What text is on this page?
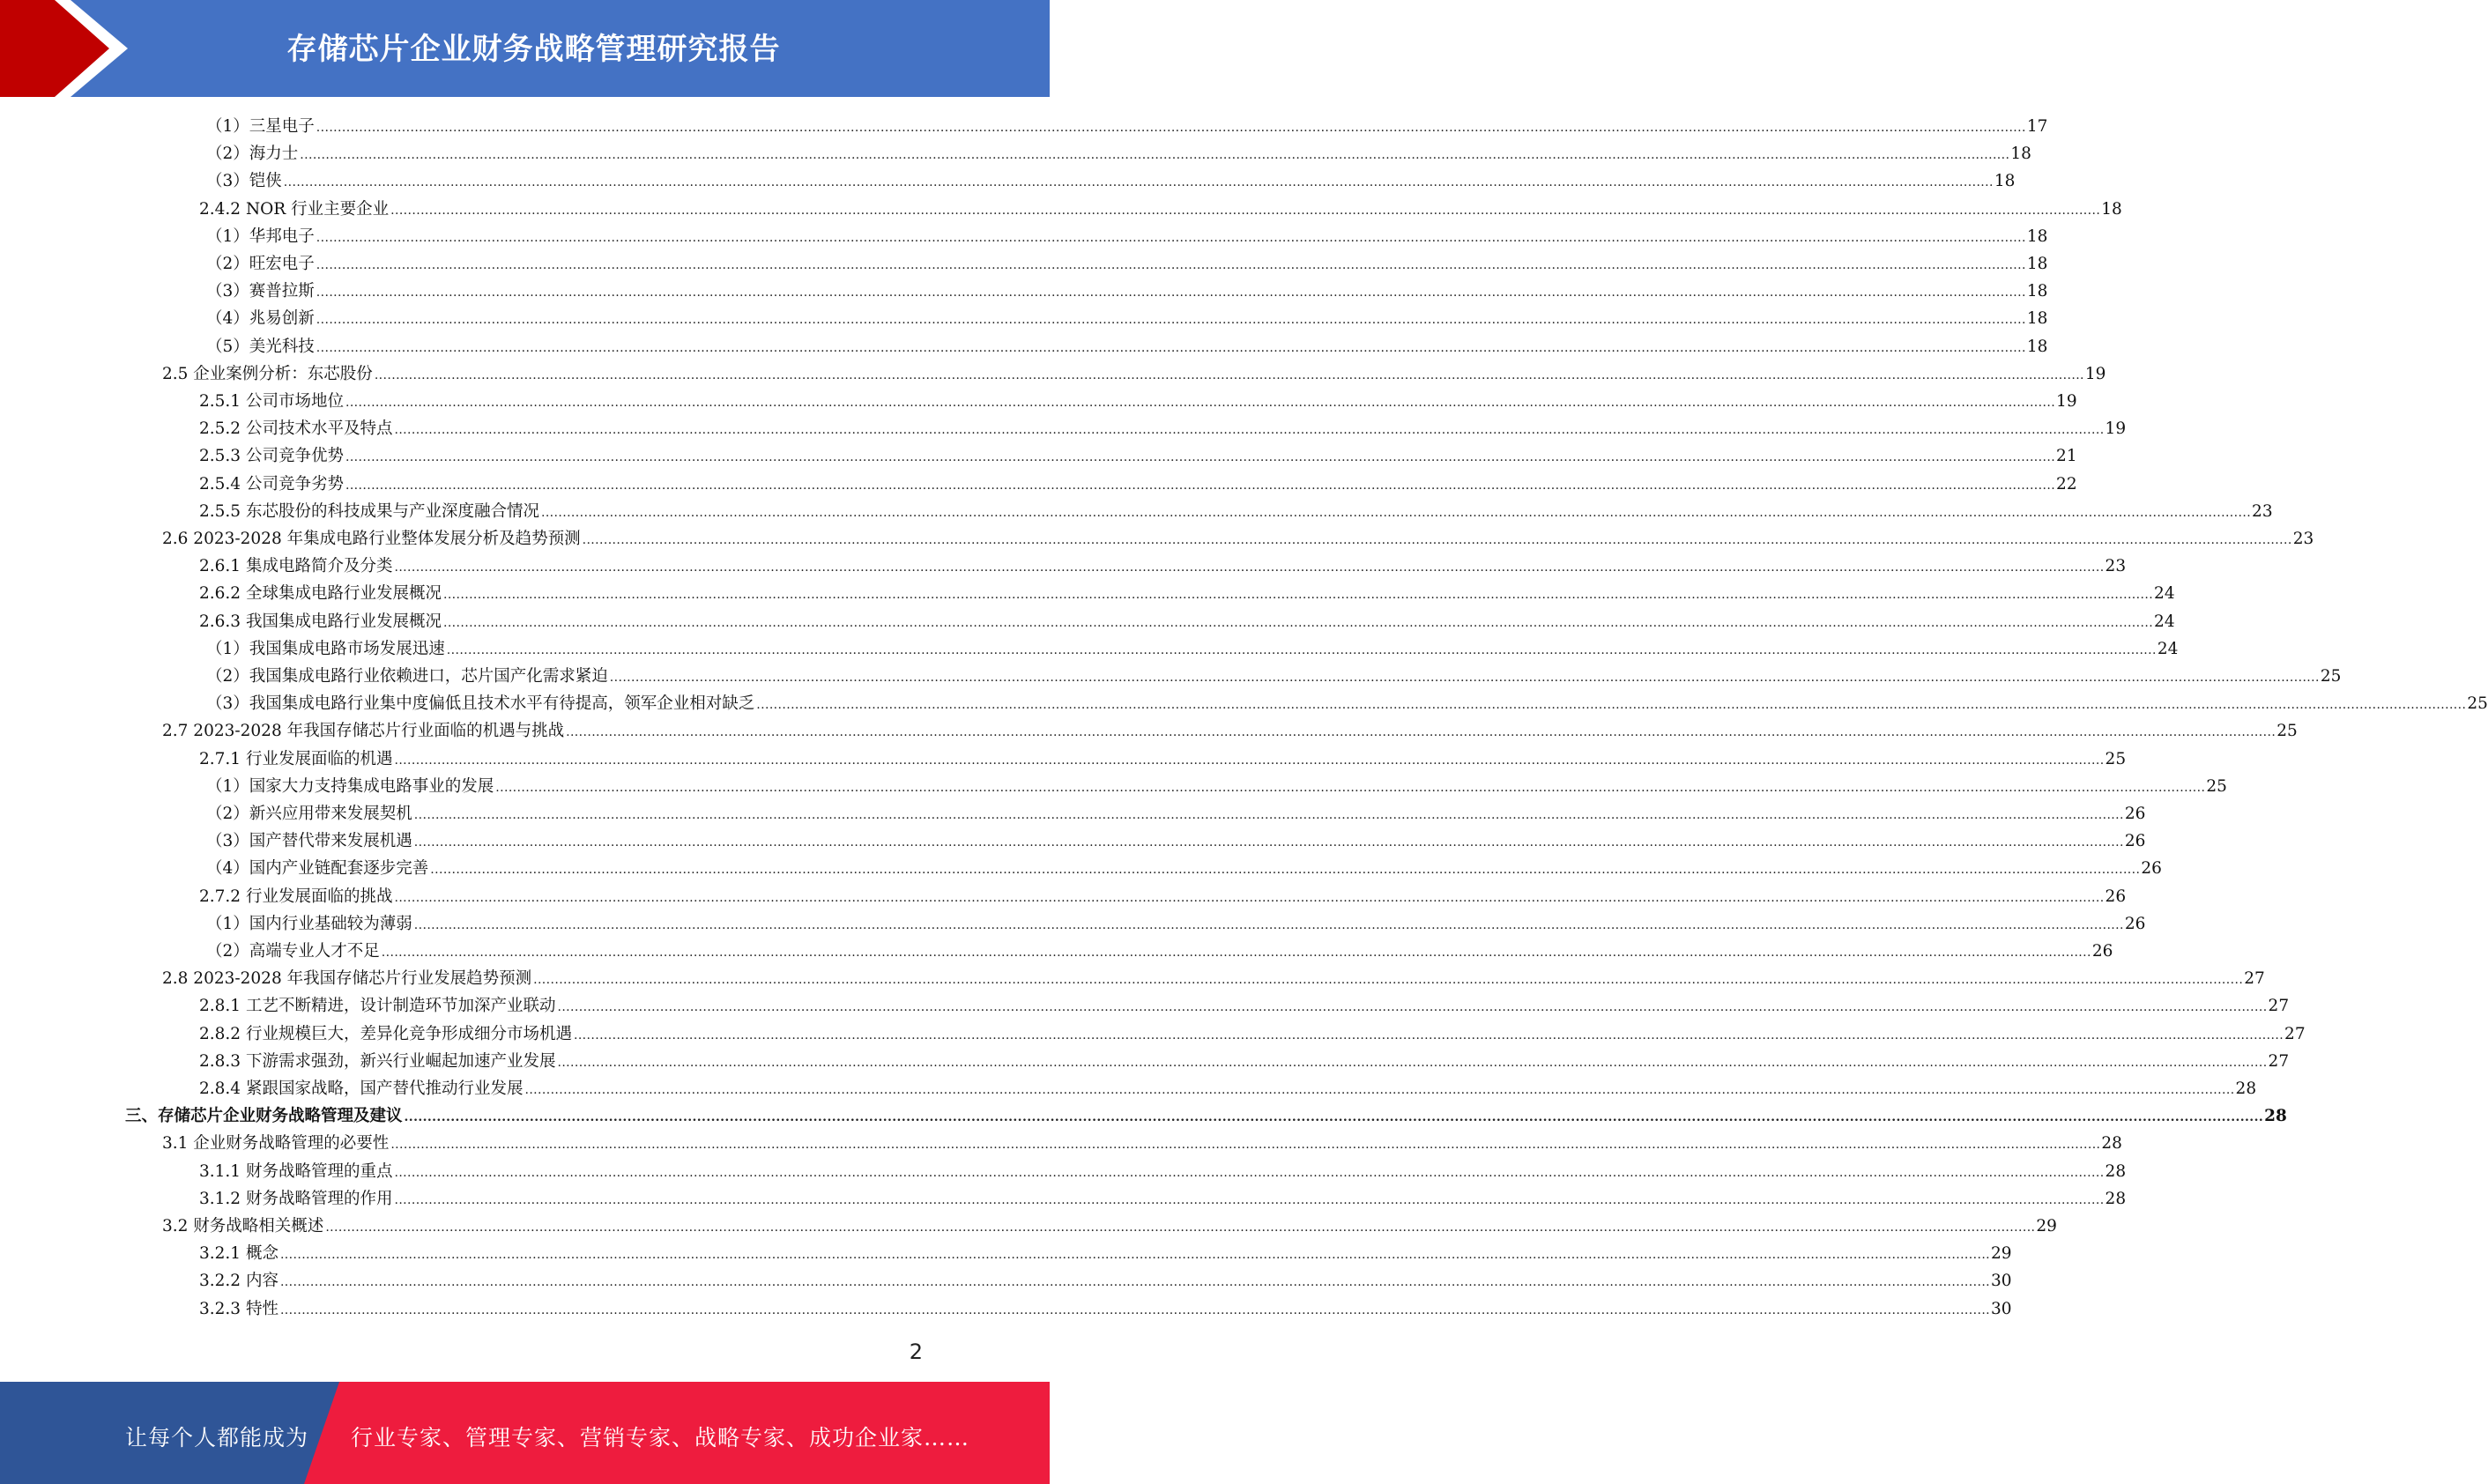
存储芯片企业财务战略管理研究报告
（1）三星电子 ................................................................................................................................................................................................................................................................................................................................................................................................................ 17
（2）海力士 ................................................................................................................................................................................................................................................................................................................................................................................................................ 18
（3）铠侠 ................................................................................................................................................................................................................................................................................................................................................................................................................ 18
2.4.2 NOR 行业主要企业 ................................................................................................................................................................................................................................................................................................................................................................................................................ 18
（1）华邦电子 ................................................................................................................................................................................................................................................................................................................................................................................................................ 18
（2）旺宏电子 ................................................................................................................................................................................................................................................................................................................................................................................................................ 18
（3）赛普拉斯 ................................................................................................................................................................................................................................................................................................................................................................................................................ 18
（4）兆易创新 ................................................................................................................................................................................................................................................................................................................................................................................................................ 18
（5）美光科技 ................................................................................................................................................................................................................................................................................................................................................................................................................ 18
2.5 企业案例分析：东芯股份 ................................................................................................................................................................................................................................................................................................................................................................................................................ 19
2.5.1 公司市场地位 ................................................................................................................................................................................................................................................................................................................................................................................................................ 19
2.5.2 公司技术水平及特点 ................................................................................................................................................................................................................................................................................................................................................................................................................ 19
2.5.3 公司竞争优势 ................................................................................................................................................................................................................................................................................................................................................................................................................ 21
2.5.4 公司竞争劣势 ................................................................................................................................................................................................................................................................................................................................................................................................................ 22
2.5.5 东芯股份的科技成果与产业深度融合情况 ................................................................................................................................................................................................................................................................................................................................................................................................................ 23
2.6 2023-2028 年集成电路行业整体发展分析及趋势预测 ................................................................................................................................................................................................................................................................................................................................................................................................................ 23
2.6.1 集成电路简介及分类 ................................................................................................................................................................................................................................................................................................................................................................................................................ 23
2.6.2 全球集成电路行业发展概况 ................................................................................................................................................................................................................................................................................................................................................................................................................ 24
2.6.3 我国集成电路行业发展概况 ................................................................................................................................................................................................................................................................................................................................................................................................................ 24
（1）我国集成电路市场发展迅速 ................................................................................................................................................................................................................................................................................................................................................................................................................ 24
（2）我国集成电路行业依赖进口，芯片国产化需求紧迫 ................................................................................................................................................................................................................................................................................................................................................................................................................ 25
（3）我国集成电路行业集中度偏低且技术水平有待提高，领军企业相对缺乏 ................................................................................................................................................................................................................................................................................................................................................................................................................ 25
2.7 2023-2028 年我国存储芯片行业面临的机遇与挑战 ................................................................................................................................................................................................................................................................................................................................................................................................................ 25
2.7.1 行业发展面临的机遇 ................................................................................................................................................................................................................................................................................................................................................................................................................ 25
（1）国家大力支持集成电路事业的发展 ................................................................................................................................................................................................................................................................................................................................................................................................................ 25
（2）新兴应用带来发展契机 ................................................................................................................................................................................................................................................................................................................................................................................................................ 26
（3）国产替代带来发展机遇 ................................................................................................................................................................................................................................................................................................................................................................................................................ 26
（4）国内产业链配套逐步完善 ................................................................................................................................................................................................................................................................................................................................................................................................................ 26
2.7.2 行业发展面临的挑战 ................................................................................................................................................................................................................................................................................................................................................................................................................ 26
（1）国内行业基础较为薄弱 ................................................................................................................................................................................................................................................................................................................................................................................................................ 26
（2）高端专业人才不足 ................................................................................................................................................................................................................................................................................................................................................................................................................ 26
2.8 2023-2028 年我国存储芯片行业发展趋势预测 ................................................................................................................................................................................................................................................................................................................................................................................................................ 27
2.8.1 工艺不断精进，设计制造环节加深产业联动 ................................................................................................................................................................................................................................................................................................................................................................................................................ 27
2.8.2 行业规模巨大，差异化竞争形成细分市场机遇 ................................................................................................................................................................................................................................................................................................................................................................................................................ 27
2.8.3 下游需求强劲，新兴行业崛起加速产业发展 ................................................................................................................................................................................................................................................................................................................................................................................................................ 27
2.8.4 紧跟国家战略，国产替代推动行业发展 ................................................................................................................................................................................................................................................................................................................................................................................................................ 28
三、存储芯片企业财务战略管理及建议 ................................................................................................................................................................................................................................................................................................................................................................................................................ 28
3.1 企业财务战略管理的必要性 ................................................................................................................................................................................................................................................................................................................................................................................................................ 28
3.1.1 财务战略管理的重点 ................................................................................................................................................................................................................................................................................................................................................................................................................ 28
3.1.2 财务战略管理的作用 ................................................................................................................................................................................................................................................................................................................................................................................................................ 28
3.2 财务战略相关概述 ................................................................................................................................................................................................................................................................................................................................................................................................................ 29
3.2.1 概念 ................................................................................................................................................................................................................................................................................................................................................................................................................ 29
3.2.2 内容 ................................................................................................................................................................................................................................................................................................................................................................................................................ 30
3.2.3 特性 ................................................................................................................................................................................................................................................................................................................................................................................................................ 30
2
让每个人都能成为 行业专家、管理专家、营销专家、战略专家、成功企业家……
